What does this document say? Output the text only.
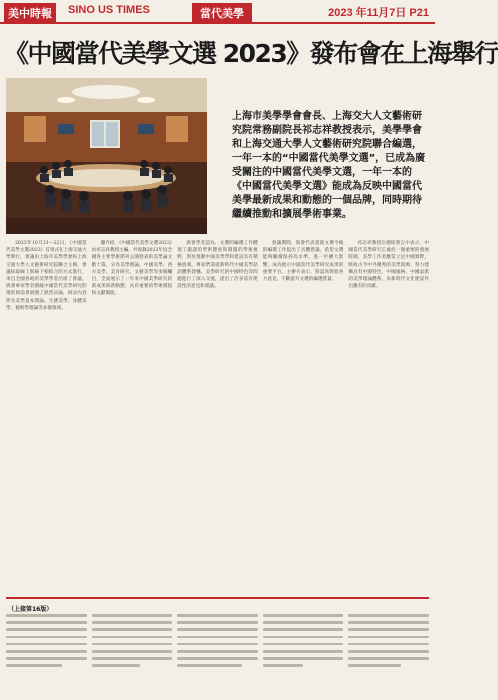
美中時報	SINO US TIMES	當代美學	2023 年11月7日 P21
《中國當代美學文選 2023》發布會在上海舉行
上海市美學學會會長、上海交大人文藝術研究院常務副院長祁志祥教授表示，美學學會和上海交通大學人文藝術研究院聯合編選，一年一本的“中國當代美學文選”，已成為廣受關注的中國當代美學文選，一年一本的《中國當代美學文選》能成為反映中國當代美學最新成果和動態的一個品牌，同時期待繼續推動和擴展學術事業。

2023年10月21—22日，《中國當代美學文選2023》首發式在上海交通大學舉行。會議由上海市美學學會和上海交通大學人文藝術研究院聯合主辦。會議採取線上與線下相結合的方式進行，來自全國各地的美學學者出席了會議。與會專家學者圍繞中國當代美學研究的現狀與前景展開了熱烈討論，研討內容涉及美學基本理論、生態美學、身體美學、藝術學理論等多個領域。

據介紹，《中國當代美學文選2023》由祁志祥教授主編，共收錄2022年度全國各主要學術期刊公開發表的美學論文數十篇，分為美學理論、中國美學、西方美學、美育研究、文藝美學等多個欄目，全面展示了一年來中國美學研究的新成果與新動態，具有重要的學術價值和文獻價值。

與會學者認為，文選的編選工作體現了嚴謹的學術態度和開闊的學術視野，對於推動中國美學學科建設具有積極意義。專家們還就新時代中國美學話語體系建構、美學研究的中國特色等問題進行了深入交流，提出了許多富有建設性的意見和建議。

會議期間，與會代表還就文選今後的編選工作提出了具體建議，希望文選能夠繼續保持高水準，進一步擴大影響，成為展示中國當代美學研究成果的重要平台。主辦方表示，將認真吸收各方意見，不斷提升文選的編選質量。

祁志祥教授在總結發言中表示，中國當代美學研究正處於一個重要的發展時期，美學工作者應當立足中國實際，吸收古今中外優秀的美學資源，努力建構具有中國特色、中國風格、中國氣派的美學理論體系，為新時代文化建設作出應有的貢獻。

（上接第16版）
